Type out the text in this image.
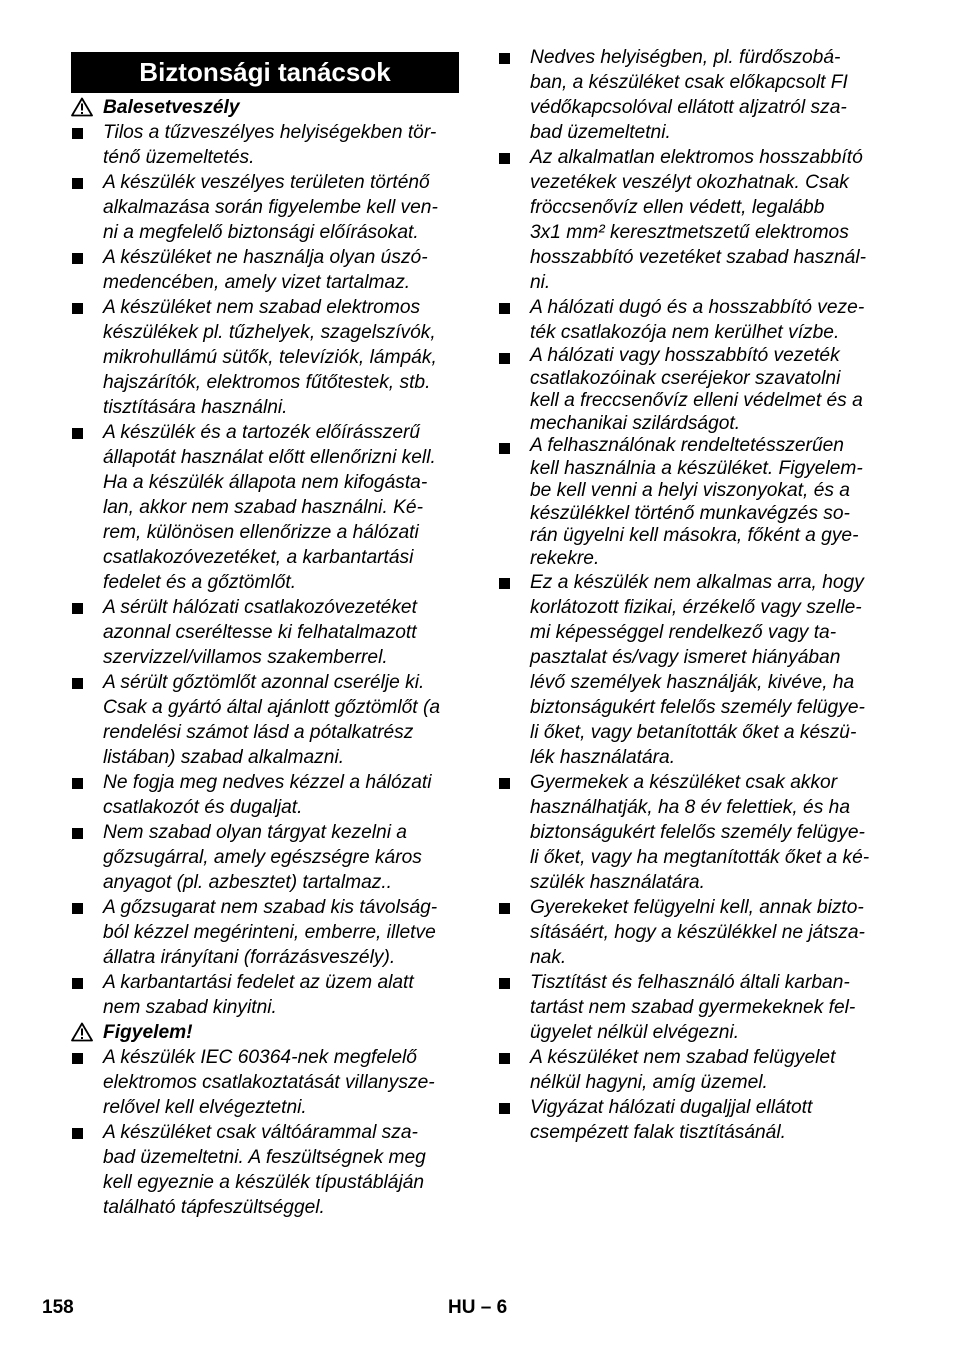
Biztonsági tanácsok
Balesetveszély
Tilos a tűzveszélyes helyiségekben tör-
ténő üzemeltetés.
A készülék veszélyes területen történő
alkalmazása során figyelembe kell ven-
ni a megfelelő biztonsági előírásokat.
A készüléket ne használja olyan úszó-
medencében, amely vizet tartalmaz.
A készüléket nem szabad elektromos
készülékek pl. tűzhelyek, szagelszívók,
mikrohullámú sütők, televíziók, lámpák,
hajszárítók, elektromos fűtőtestek, stb.
tisztítására használni.
A készülék és a tartozék előírásszerű
állapotát használat előtt ellenőrizni kell.
Ha a készülék állapota nem kifogásta-
lan, akkor nem szabad használni. Ké-
rem, különösen ellenőrizze a hálózati
csatlakozóvezetéket, a karbantartási
fedelet és a gőztömlőt.
A sérült hálózati csatlakozóvezetéket
azonnal cseréltesse ki felhatalmazott
szervizzel/villamos szakemberrel.
A sérült gőztömlőt azonnal cserélje ki.
Csak a gyártó által ajánlott gőztömlőt (a
rendelési számot lásd a pótalkatrész
listában) szabad alkalmazni.
Ne fogja meg nedves kézzel a hálózati
csatlakozót és dugaljat.
Nem szabad olyan tárgyat kezelni a
gőzsugárral, amely egészségre káros
anyagot (pl. azbesztet) tartalmaz..
A gőzsugarat nem szabad kis távolság-
ból kézzel megérinteni, emberre, illetve
állatra irányítani (forrázásveszély).
A karbantartási fedelet az üzem alatt
nem szabad kinyitni.
Figyelem!
A készülék IEC 60364-nek megfelelő
elektromos csatlakoztatását villanysze-
relővel kell elvégeztetni.
A készüléket csak váltóárammal sza-
bad üzemeltetni. A feszültségnek meg
kell egyeznie a készülék típustábláján
található tápfeszültséggel.
158
Nedves helyiségben, pl. fürdőszobá-
ban, a készüléket csak előkapcsolt FI
védőkapcsolóval ellátott aljzatról sza-
bad üzemeltetni.
Az alkalmatlan elektromos hosszabbító
vezetékek veszélyt okozhatnak. Csak
fröccsenővíz ellen védett, legalább
3x1 mm² keresztmetszetű elektromos
hosszabbító vezetéket szabad használ-
ni.
A hálózati dugó és a hosszabbító veze-
ték csatlakozója nem kerülhet vízbe.
A hálózati vagy hosszabbító vezeték
csatlakozóinak cseréjekor szavatolni
kell a freccsenővíz elleni védelmet és a
mechanikai szilárdságot.
A felhasználónak rendeltetésszerűen
kell használnia a készüléket. Figyelem-
be kell venni a helyi viszonyokat, és a
készülékkel történő munkavégzés so-
rán ügyelni kell másokra, főként a gye-
rekekre.
Ez a készülék nem alkalmas arra, hogy
korlátozott fizikai, érzékelő vagy szelle-
mi képességgel rendelkező vagy ta-
pasztalat és/vagy ismeret hiányában
lévő személyek használják, kivéve, ha
biztonságukért felelős személy felügye-
li őket, vagy betanították őket a készü-
lék használatára.
Gyermekek a készüléket csak akkor
használhatják, ha 8 év felettiek, és ha
biztonságukért felelős személy felügye-
li őket, vagy ha megtanították őket a ké-
szülék használatára.
Gyerekeket felügyelni kell, annak bizto-
sításáért, hogy a készülékkel ne játsza-
nak.
Tisztítást és felhasználó általi karban-
tartást nem szabad gyermekeknek fel-
ügyelet nélkül elvégezni.
A készüléket nem szabad felügyelet
nélkül hagyni, amíg üzemel.
Vigyázat hálózati dugaljjal ellátott
csempézett falak tisztításánál.
HU – 6
